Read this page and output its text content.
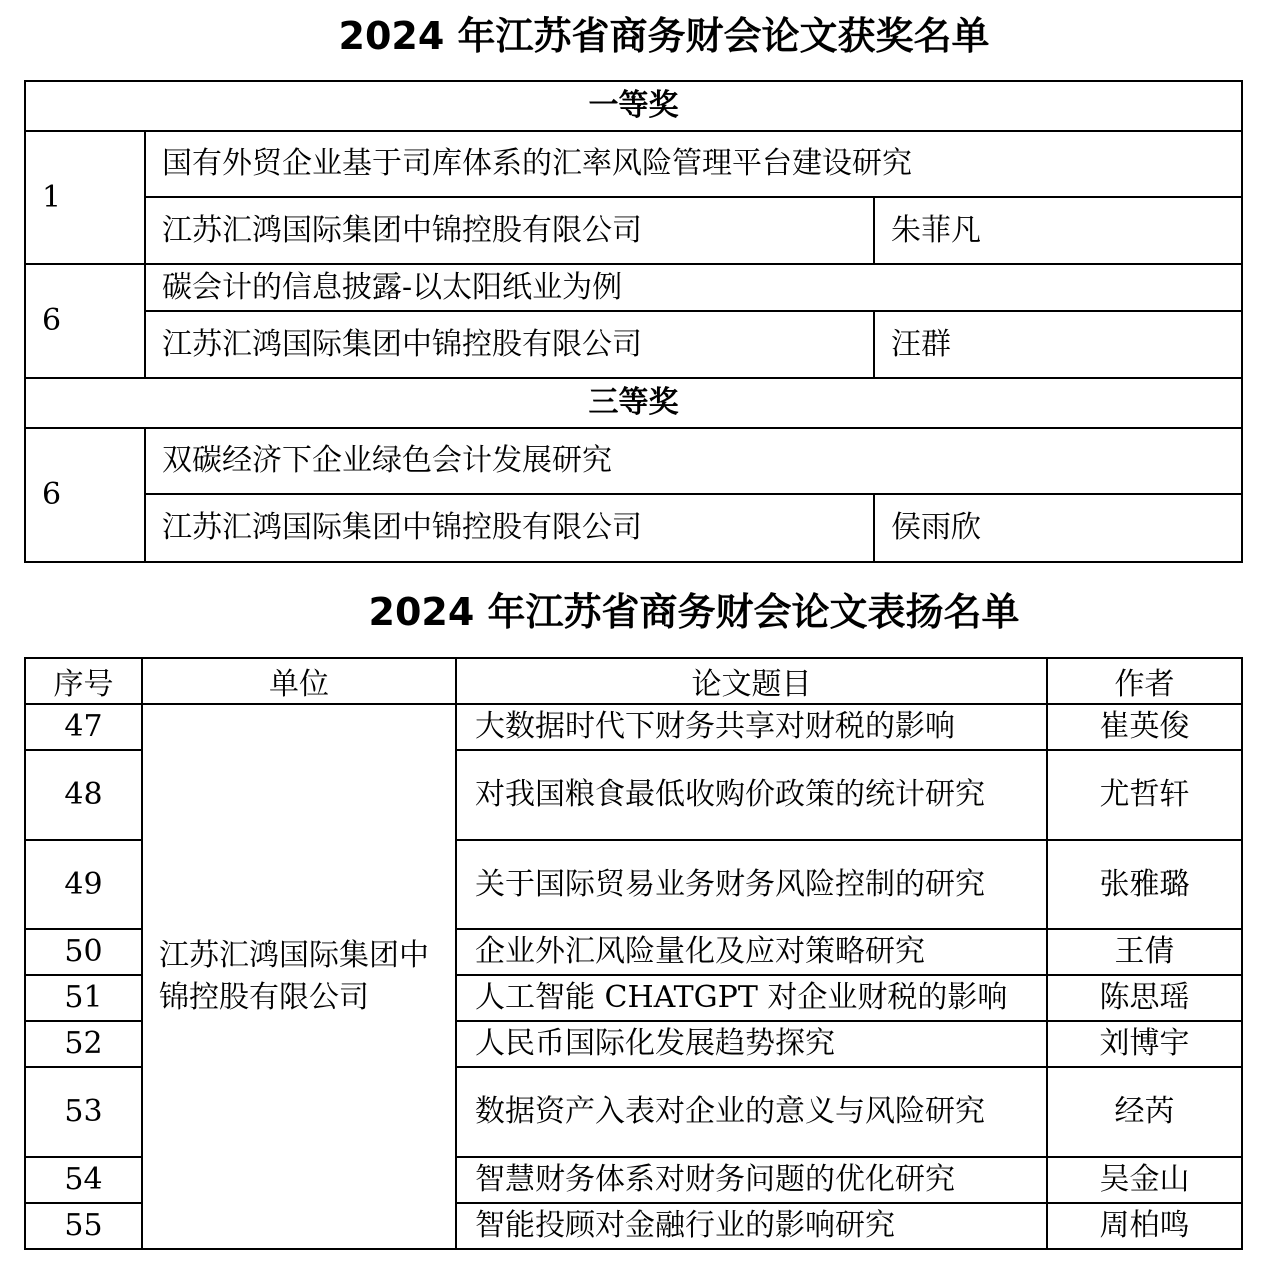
2024 年江苏省商务财会论文获奖名单
一等奖		
1	国有外贸企业基于司库体系的汇率风险管理平台建设研究	
	江苏汇鸿国际集团中锦控股有限公司	朱菲凡
6	碳会计的信息披露-以太阳纸业为例	
	江苏汇鸿国际集团中锦控股有限公司	汪群
三等奖		
6	双碳经济下企业绿色会计发展研究	
	江苏汇鸿国际集团中锦控股有限公司	侯雨欣
2024 年江苏省商务财会论文表扬名单
序号	单位	论文题目	作者
47	江苏汇鸿国际集团中锦控股有限公司	大数据时代下财务共享对财税的影响	崔英俊
48		对我国粮食最低收购价政策的统计研究	尤哲轩
49		关于国际贸易业务财务风险控制的研究	张雅璐
50		企业外汇风险量化及应对策略研究	王倩
51		人工智能 CHATGPT 对企业财税的影响	陈思瑶
52		人民币国际化发展趋势探究	刘博宇
53		数据资产入表对企业的意义与风险研究	经芮
54		智慧财务体系对财务问题的优化研究	吴金山
55		智能投顾对金融行业的影响研究	周柏鸣
